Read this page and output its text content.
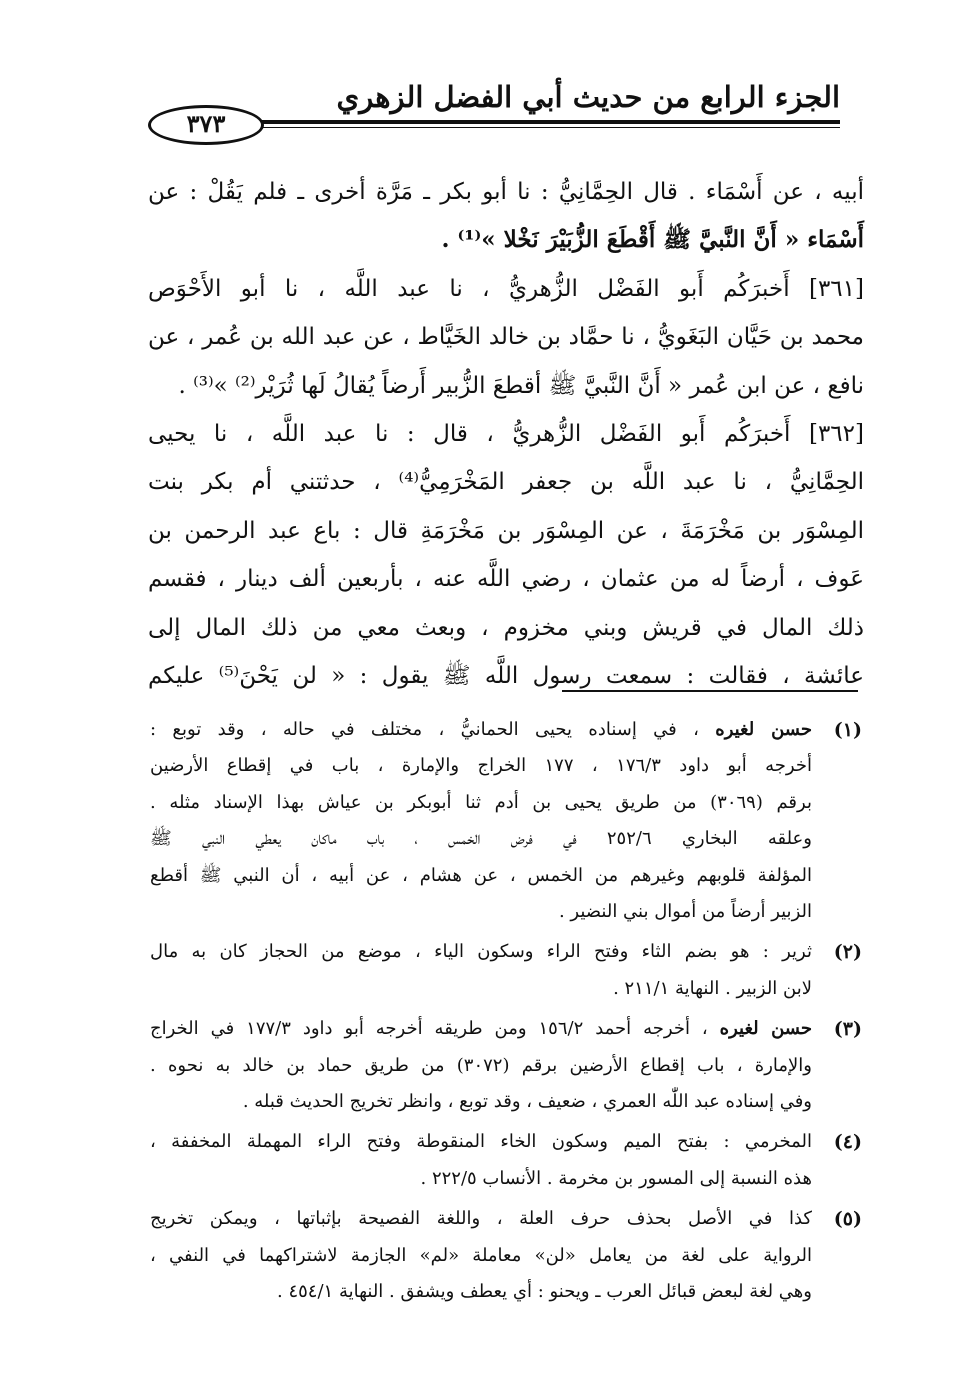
الجزء الرابع من حديث أبي الفضل الزهري
٣٧٣

أبيه ، عن أَسْمَاء . قال الحِمَّانِيُّ : نا أبو بكر ـ مَرَّة أخرى ـ فلم يَقُلْ : عن

أَسْمَاء « أَنَّ النَّبيَّ ﷺ أَقْطَعَ الزُّبَيْرَ نَخْلا »⁽¹⁾ .

[٣٦١] أَخبرَكُم أَبو الفَضْل الزُّهريُّ ، نا عبد اللَّه ، نا أبو الأَحْوَص

محمد بن حَيَّان البَغَويُّ ، نا حمَّاد بن خالد الخَيَّاط ، عن عبد الله بن عُمر ، عن

نافع ، عن ابن عُمر « أَنَّ النَّبيَّ ﷺ أقطعَ الزُّبير أَرضاً يُقالُ لَها ثُرَيْر⁽²⁾ »⁽³⁾ .

[٣٦٢] أَخبرَكُم أَبو الفَضْل الزُّهريُّ ، قال : نا عبد اللَّه ، نا يحيى

الحِمَّانِيُّ ، نا عبد اللَّه بن جعفر المَخْرَمِيُّ⁽⁴⁾ ، حدثتني أم بكر بنت

المِسْوَر بن مَخْرَمَةَ ، عن المِسْوَر بن مَخْرَمَةِ قال : باع عبد الرحمن بن

عَوف ، أرضاً له من عثمان ، رضي اللَّه عنه ، بأربعين ألف دينار ، فقسم

ذلك المال في قريش وبني مخزوم ، وبعث معي من ذلك المال إلى

عائشة ، فقالت : سمعت رسول اللَّه ﷺ يقول : « لن يَحْنَ⁽⁵⁾ عليكم

(١)
حسن لغيره ، في إسناده يحيى الحمانيُّ ، مختلف في حاله ، وقد توبع :
أخرجه أبو داود ١٧٦/٣ ، ١٧٧ الخراج والإمارة ، باب في إقطاع الأرضين
برقم (٣٠٦٩) من طريق يحيى بن أدم ثنا أبوبكر بن عياش بهذا الإسناد مثله .
وعلقه البخاري ٢٥٢/٦ في فرض الخمس ، باب ماكان يعطي النبي ﷺ
المؤلفة قلوبهم وغيرهم من الخمس ، عن هشام ، عن أبيه ، أن النبي ﷺ أقطع
الزبير أرضاً من أموال بني النضير .
(٢)
ثرير : هو بضم الثاء وفتح الراء وسكون الياء ، موضع من الحجاز كان به مال
لابن الزبير . النهاية ٢١١/١ .
(٣)
حسن لغيره ، أخرجه أحمد ١٥٦/٢ ومن طريقه أخرجه أبو داود ١٧٧/٣ في الخراج
والإمارة ، باب إقطاع الأرضين برقم (٣٠٧٢) من طريق حماد بن خالد به نحوه .
وفي إسناده عبد اللّٰه العمري ، ضعيف ، وقد توبع ، وانظر تخريج الحديث قبله .
(٤)
المخرمي : بفتح الميم وسكون الخاء المنقوطة وفتح الراء المهملة المخففة ،
هذه النسبة إلى المسور بن مخرمة . الأنساب ٢٢٢/٥ .
(٥)
كذا في الأصل بحذف حرف العلة ، واللغة الفصيحة بإثباتها ، ويمكن تخريج
الرواية على لغة من يعامل «لن» معاملة «لم» الجازمة لاشتراكهما في النفي ،
وهي لغة لبعض قبائل العرب ـ ويحنو : أي يعطف ويشفق . النهاية ٤٥٤/١ .
